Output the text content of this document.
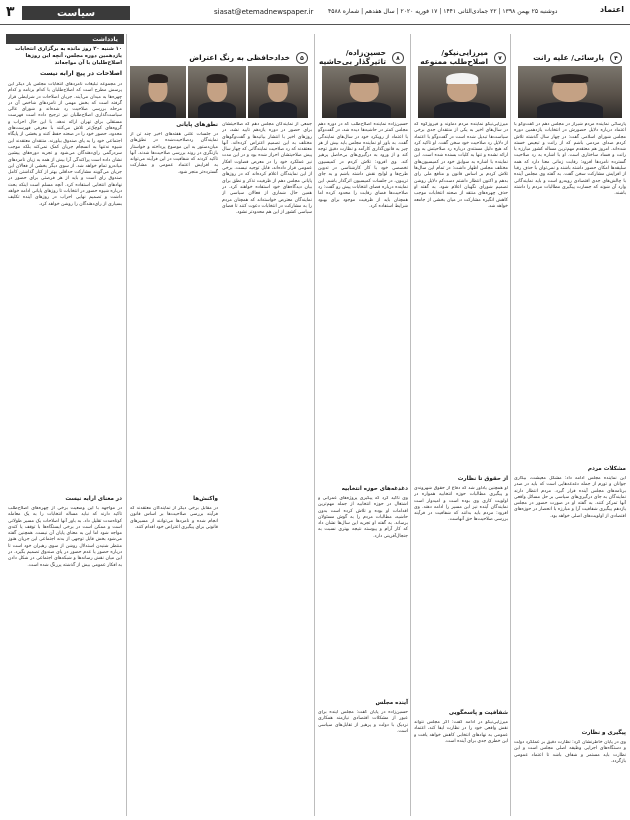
۳	سیاست	siasat@etemadnewspaper.ir دوشنبه ۲۵ بهمن ۱۳۹۸ | ۲۲ جمادی‌الثانی ۱۴۴۱ | ۱۷ فوریه ۲۰۲۰ | سال هفدهم | شماره ۴۵۸۸	اعتماد
یادداشت
۱۰ شنبه ۲۰ روز مانده به برگزاری انتخابات یازدهمین دوره مجلس، آنچه این روزها اصلاح‌طلبان با آن مواجه‌اند
اصلاحات در پیچ ارابه نیست
در مجموعه تبلیغات نامزدهای انتخابات مجلس بار دیگر این پرسش مطرح است که اصلاح‌طلبان با کدام برنامه و کدام چهره‌ها به میدان می‌آیند. جریان اصلاحات در شرایطی قرار گرفته است که بخش مهمی از نامزدهای شاخص آن در مرحله بررسی صلاحیت رد شده‌اند و شورای عالی سیاست‌گذاری اصلاح‌طلبان نیز ترجیح داده است فهرست مستقلی برای تهران ارائه ندهد. با این حال احزاب و گروه‌های کوچک‌تر تلاش می‌کنند با معرفی فهرست‌های محدود، حضور خود را در صحنه حفظ کنند و بخشی از پایگاه اجتماعی خود را به پای صندوق بیاورند. منتقدان معتقدند این شیوه نه‌تنها به انسجام جریان کمک نمی‌کند بلکه موجب سردرگمی رای‌دهندگان می‌شود و تجربه دوره‌های پیشین نشان داده است پراکندگی آرا بیش از همه به زیان نامزدهای میانه‌رو تمام خواهد شد. از سوی دیگر بخشی از فعالان این جریان می‌گویند مشارکت حداقلی بهتر از کنار گذاشتن کامل صندوق رای است و باید از هر فرصتی برای حضور در نهادهای انتخابی استفاده کرد. آنچه مسلم است اینکه بحث درباره شیوه حضور در انتخابات تا روزهای پایانی ادامه خواهد داشت و تصمیم نهایی احزاب در روزهای آینده تکلیف بسیاری از رای‌دهندگان را روشن خواهد کرد.
در معنای ارابه نیست
در مواجهه با این وضعیت برخی از چهره‌های اصلاح‌طلب تاکید دارند که نباید مساله انتخابات را به یک معامله کوتاه‌مدت تقلیل داد. به باور آنها اصلاحات یک مسیر طولانی است و ممکن است در برخی ایستگاه‌ها با توقف یا کندی مواجه شود اما این به معنای پایان آن نیست. همچنین گفته می‌شود بخش قابل توجهی از بدنه اجتماعی این جریان هنوز منتظر شنیدن استدلال روشن از سوی رهبران خود است تا درباره حضور یا عدم حضور در پای صندوق تصمیم بگیرد. در این میان نقش رسانه‌ها و شبکه‌های اجتماعی در شکل دادن به افکار عمومی بیش از گذشته پررنگ شده است.
۴
پارسائی/ علیه رانت
پارسائی نماینده مردم شیراز در مجلس دهم در گفت‌وگو با اعتماد درباره دلایل حضورش در انتخابات یازدهمین دوره مجلس شورای اسلامی گفت: در چهار سال گذشته تلاش کردم صدای مردمی باشم که از رانت و تبعیض خسته شده‌اند. امروز هم معتقدم مهم‌ترین مساله کشور مبارزه با رانت و فساد ساختاری است. او با اشاره به رد صلاحیت گسترده نامزدها افزود: رقابت زمانی معنا دارد که همه سلیقه‌ها امکان حضور داشته باشند و نمی‌توان با حذف رقبا از افزایش مشارکت سخن گفت. به گفته وی مجلس آینده با چالش‌های جدی اقتصادی روبه‌رو است و باید نمایندگانی وارد آن شوند که جسارت پیگیری مطالبات مردم را داشته باشند.
مشکلات مردم
این نماینده مجلس ادامه داد: مشکل معیشت، بیکاری جوانان و تورم از جمله دغدغه‌هایی است که باید در صدر برنامه‌های مجلس آینده قرار گیرد. مردم انتظار دارند نمایندگان به جای درگیری‌های سیاسی بر حل مسائل واقعی آنها تمرکز کنند. به گفته او در صورت حضور در مجلس یازدهم پیگیری شفافیت آرا و مبارزه با انحصار در حوزه‌های اقتصادی از اولویت‌های اصلی خواهد بود.
پیگیری و نظارت
وی در پایان خاطرنشان کرد: نظارت دقیق بر عملکرد دولت و دستگاه‌های اجرایی وظیفه اصلی مجلس است و این نظارت باید مستمر و شفاف باشد تا اعتماد عمومی بازگردد.
۷
میرزایی‌نیکو/ اصلاح‌طلب ممنوعه
میرزایی‌نیکو نماینده مردم دماوند و فیروزکوه که در سال‌های اخیر به یکی از منتقدان جدی برخی سیاست‌ها تبدیل شده است در گفت‌وگو با اعتماد از دلایل رد صلاحیت خود سخن گفت. او تاکید کرد که هیچ دلیل مستندی درباره رد صلاحیتش به وی ارائه نشده و تنها به کلیات بسنده شده است. این نماینده با اشاره به سوابق خود در کمیسیون‌های مختلف مجلس اظهار داشت: در تمام این سال‌ها تلاش کردم بر اساس قانون و منافع ملی رای بدهم و اکنون انتظار داشتم دست‌کم دلایل روشن تصمیم شورای نگهبان اعلام شود. به گفته او حذف چهره‌های منتقد از صحنه انتخابات موجب کاهش انگیزه مشارکت در میان بخشی از جامعه خواهد شد.
از حقوق تا نظارت
او همچنین یادآور شد که دفاع از حقوق شهروندی و پیگیری مطالبات حوزه انتخابیه همواره در اولویت کاری وی بوده است و امیدوار است نمایندگان آینده نیز این مسیر را ادامه دهند. وی افزود: مردم باید بدانند که شفافیت در فرآیند بررسی صلاحیت‌ها حق آنهاست.
شفافیت و پاسخگویی
میرزایی‌نیکو در ادامه گفت: اگر مجلس نتواند نقش واقعی خود را در نظارت ایفا کند، اعتماد عمومی به نهادهای انتخابی کاهش خواهد یافت و این خطری جدی برای آینده است.
۸
حسین‌زاده/ تاثیرگذار بی‌حاشیه
حسین‌زاده نماینده اصلاح‌طلب که در دوره دهم مجلس کمتر در حاشیه‌ها دیده شد، در گفت‌وگو با اعتماد از رویکرد خود در سال‌های نمایندگی گفت. به باور او نماینده مجلس باید بیش از هر چیز به قانون‌گذاری کارآمد و نظارت دقیق توجه کند و از ورود به درگیری‌های بی‌حاصل پرهیز کند. وی افزود: تلاش کردم در کمیسیون تخصصی خود با کار کارشناسی در تدوین طرح‌ها و لوایح نقش داشته باشم و به جای تریبون، در جلسات کمیسیون اثرگذار باشم. این نماینده درباره فضای انتخابات پیش رو گفت: رد صلاحیت‌ها فضای رقابت را محدود کرده اما همچنان باید از ظرفیت موجود برای بهبود شرایط استفاده کرد.
دغدغه‌های حوزه انتخابیه
وی تاکید کرد که پیگیری پروژه‌های عمرانی و اشتغال در حوزه انتخابیه از جمله مهم‌ترین اقدامات او بوده و تلاش کرده است بدون حاشیه، مطالبات مردم را به گوش مسئولان برساند. به گفته او تجربه این سال‌ها نشان داد که کار آرام و پیوسته نتیجه بهتری نسبت به جنجال‌آفرینی دارد.
آینده مجلس
حسین‌زاده در پایان گفت: مجلس آینده برای عبور از مشکلات اقتصادی نیازمند همکاری نزدیک با دولت و پرهیز از تقابل‌های سیاسی است.
۵
خدادحافظی به رنگ اعتراض
جمعی از نمایندگان مجلس دهم که صلاحیتشان برای حضور در دوره یازدهم تایید نشد، در روزهای اخیر با انتشار بیانیه‌ها و گفت‌وگوهای مختلف به این تصمیم اعتراض کرده‌اند. آنها معتقدند که رد صلاحیت نمایندگانی که چهار سال پیش صلاحیتشان احراز شده بود و در این مدت نیز عملکرد خود را در معرض قضاوت افکار عمومی قرار داده‌اند، قابل توجیه نیست. برخی از این نمایندگان اعلام کرده‌اند که در روزهای پایانی مجلس دهم از ظرفیت تذکر و نطق برای بیان دیدگاه‌های خود استفاده خواهند کرد. در همین حال شماری از فعالان سیاسی از نمایندگان معترض خواسته‌اند که همچنان مردم را به مشارکت در انتخابات دعوت کنند تا فضای سیاسی کشور از این هم محدودتر نشود.
نطق‌های پایانی
در جلسات علنی هفته‌های اخیر چند تن از نمایندگان ردصلاحیت‌شده در نطق‌های میان‌دستور به این موضوع پرداخته و خواستار بازنگری در روند بررسی صلاحیت‌ها شدند. آنها تاکید کردند که شفافیت در این فرآیند می‌تواند به افزایش اعتماد عمومی و مشارکت گسترده‌تر منجر شود.
واکنش‌ها
در مقابل برخی دیگر از نمایندگان معتقدند که فرآیند بررسی صلاحیت‌ها بر اساس قانون انجام شده و نامزدها می‌توانند از مسیرهای قانونی برای پیگیری اعتراض خود اقدام کنند.
